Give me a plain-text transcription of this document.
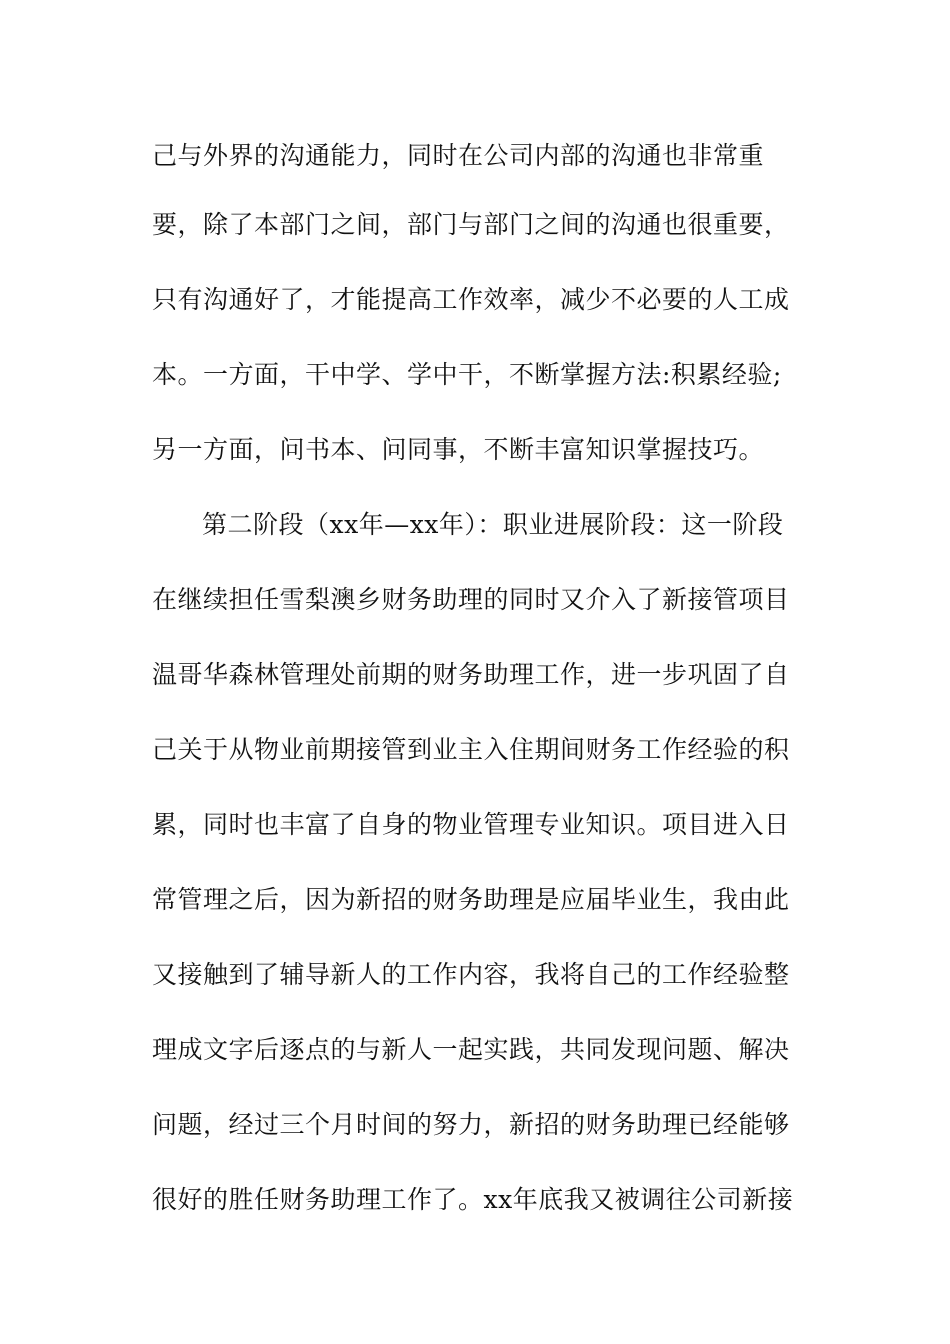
己与外界的沟通能力，同时在公司内部的沟通也非常重
要，除了本部门之间，部门与部门之间的沟通也很重要，
只有沟通好了，才能提高工作效率，减少不必要的人工成
本。一方面，干中学、学中干，不断掌握方法:积累经验;
另一方面，问书本、问同事，不断丰富知识掌握技巧。
第二阶段（xx年—xx年）：职业进展阶段：这一阶段
在继续担任雪梨澳乡财务助理的同时又介入了新接管项目
温哥华森林管理处前期的财务助理工作，进一步巩固了自
己关于从物业前期接管到业主入住期间财务工作经验的积
累，同时也丰富了自身的物业管理专业知识。项目进入日
常管理之后，因为新招的财务助理是应届毕业生，我由此
又接触到了辅导新人的工作内容，我将自己的工作经验整
理成文字后逐点的与新人一起实践，共同发现问题、解决
问题，经过三个月时间的努力，新招的财务助理已经能够
很好的胜任财务助理工作了。xx年底我又被调往公司新接
